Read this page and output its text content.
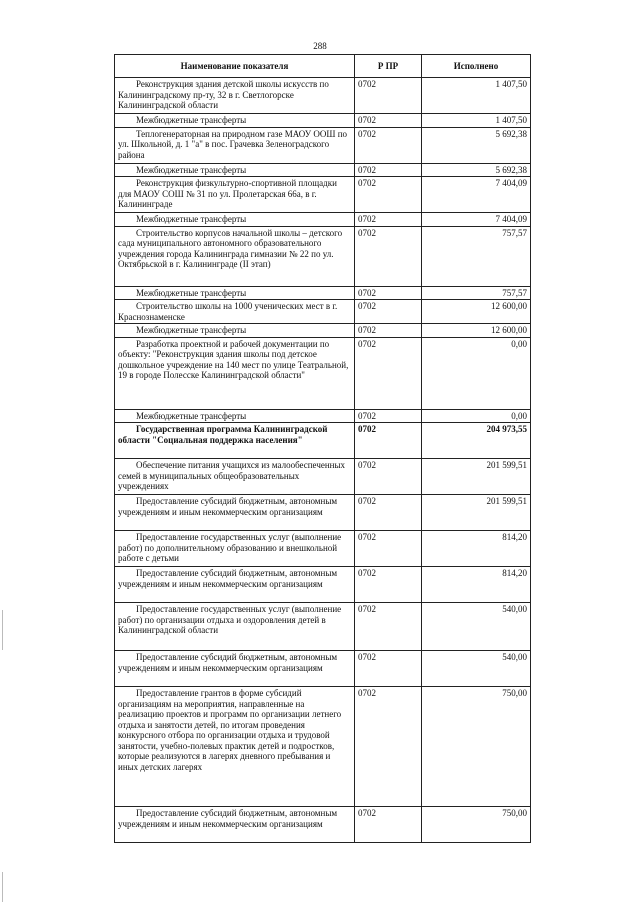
288
Наименование показателя	Р ПР	Исполнено
Реконструкция здания детской школы искусств по Калининградскому пр-ту, 32 в г. Светлогорске Калининградской области	0702	1 407,50
Межбюджетные трансферты	0702	1 407,50
Теплогенераторная на природном газе МАОУ ООШ по ул. Школьной, д. 1 "а" в пос. Грачевка Зеленоградского района	0702	5 692,38
Межбюджетные трансферты	0702	5 692,38
Реконструкция физкультурно-спортивной площадки для МАОУ СОШ № 31 по ул. Пролетарская 66а, в г. Калининграде	0702	7 404,09
Межбюджетные трансферты	0702	7 404,09
Строительство корпусов начальной школы – детского сада муниципального автономного образовательного учреждения города Калининграда гимназии № 22 по ул. Октябрьской в г. Калининграде (II этап)	0702	757,57
Межбюджетные трансферты	0702	757,57
Строительство школы на 1000 ученических мест в г. Краснознаменске	0702	12 600,00
Межбюджетные трансферты	0702	12 600,00
Разработка проектной и рабочей документации по объекту: "Реконструкция здания школы под детское дошкольное учреждение на 140 мест по улице Театральной, 19 в городе Полесске Калининградской области"	0702	0,00
Межбюджетные трансферты	0702	0,00
Государственная программа Калининградской области "Социальная поддержка населения"	0702	204 973,55
Обеспечение питания учащихся из малообеспеченных семей в муниципальных общеобразовательных учреждениях	0702	201 599,51
Предоставление субсидий бюджетным, автономным учреждениям и иным некоммерческим организациям	0702	201 599,51
Предоставление государственных услуг (выполнение работ) по дополнительному образованию и внешкольной работе с детьми	0702	814,20
Предоставление субсидий бюджетным, автономным учреждениям и иным некоммерческим организациям	0702	814,20
Предоставление государственных услуг (выполнение работ) по организации отдыха и оздоровления детей в Калининградской области	0702	540,00
Предоставление субсидий бюджетным, автономным учреждениям и иным некоммерческим организациям	0702	540,00
Предоставление грантов в форме субсидий организациям на мероприятия, направленные на реализацию проектов и программ по организации летнего отдыха и занятости детей, по итогам проведения конкурсного отбора по организации отдыха и трудовой занятости, учебно-полевых практик детей и подростков, которые реализуются в лагерях дневного пребывания и иных детских лагерях	0702	750,00
Предоставление субсидий бюджетным, автономным учреждениям и иным некоммерческим организациям	0702	750,00
